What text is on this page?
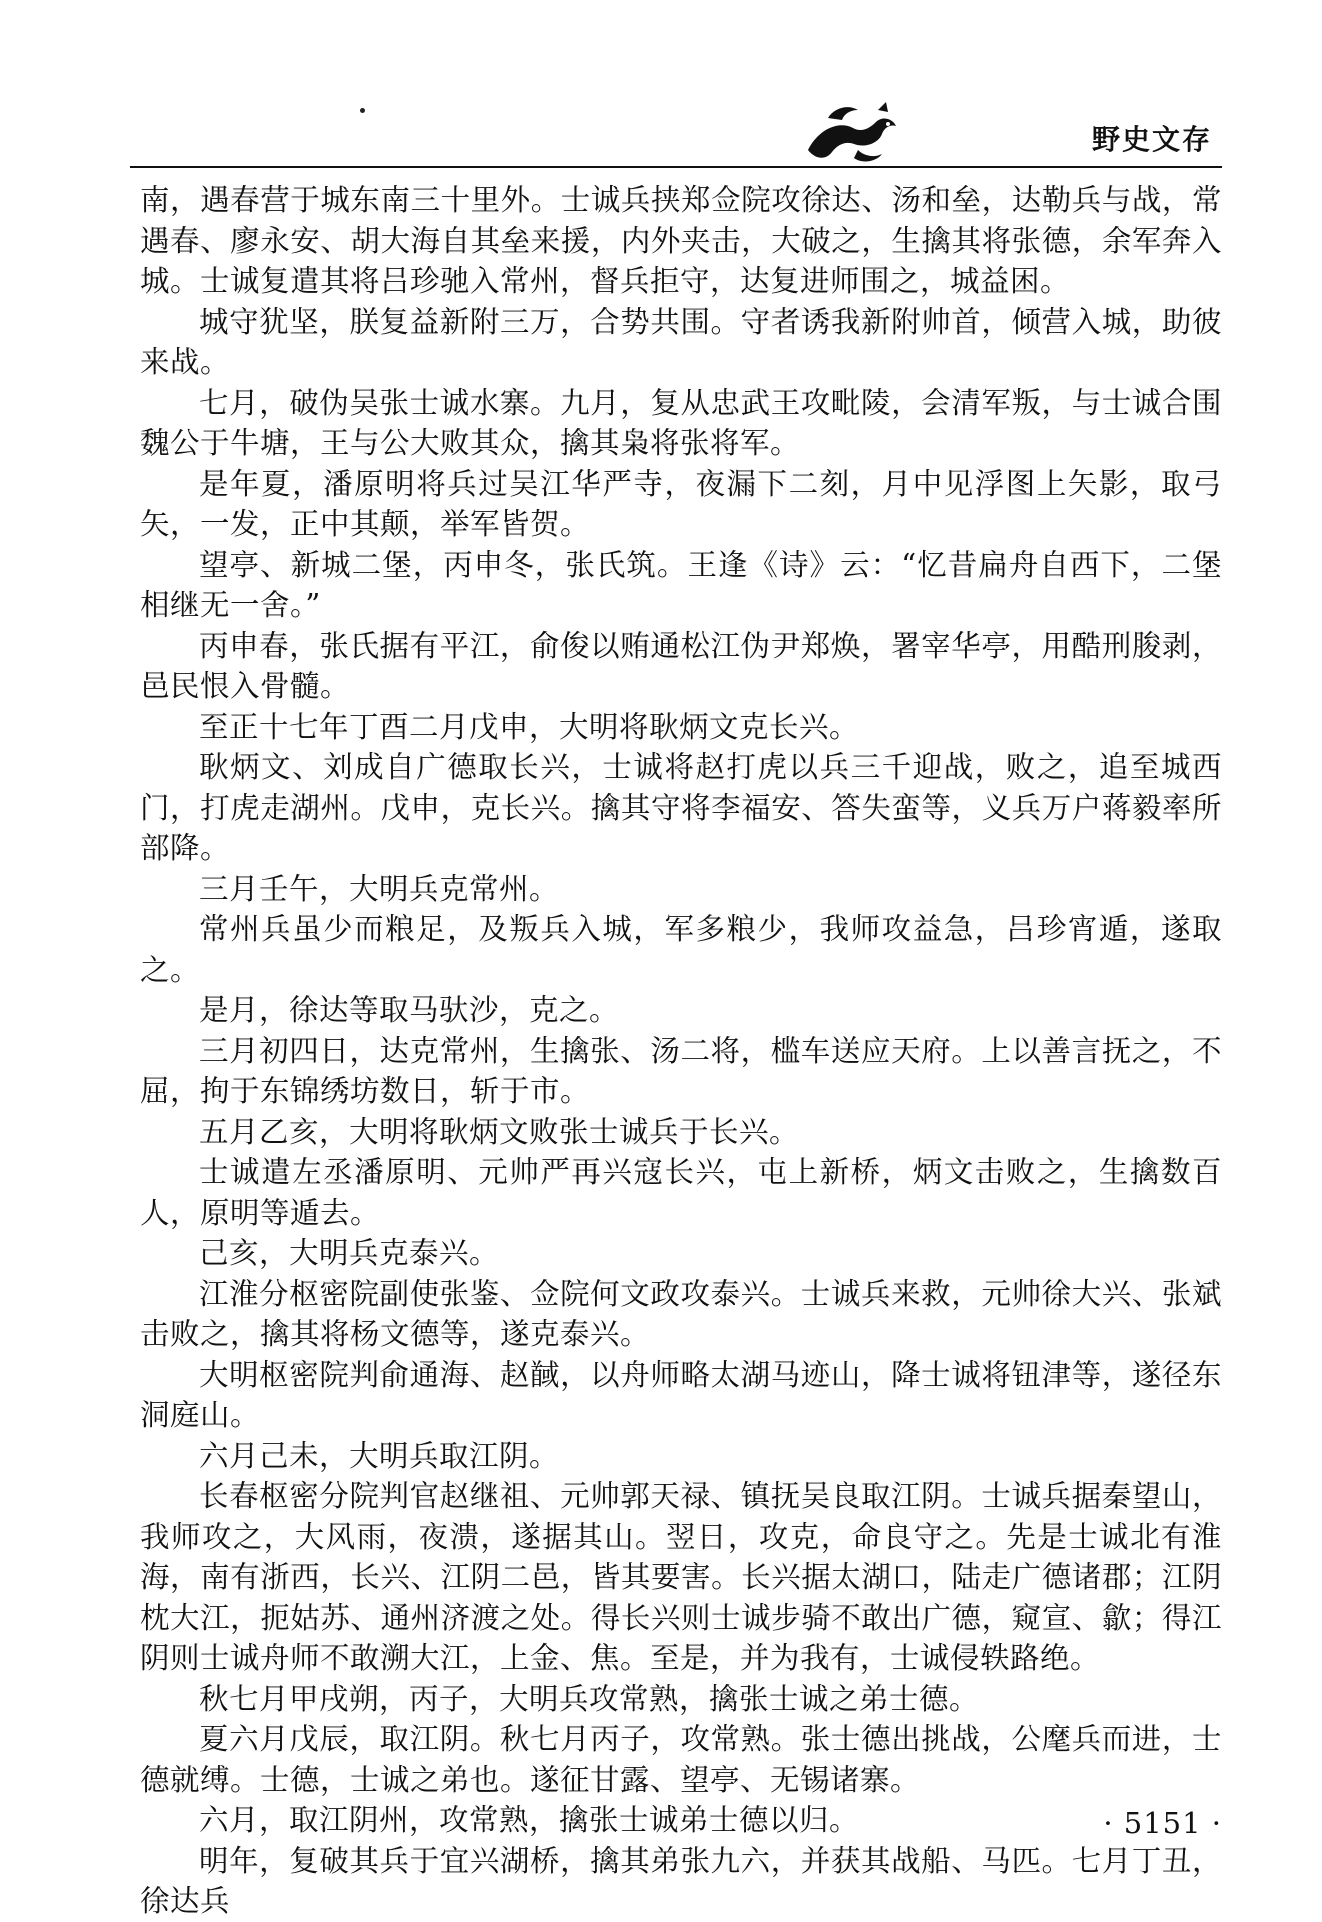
野史文存

南，遇春营于城东南三十里外。士诚兵挟郑佥院攻徐达、汤和垒，达勒兵与战，常遇春、廖永安、胡大海自其垒来援，内外夹击，大破之，生擒其将张德，余军奔入城。士诚复遣其将吕珍驰入常州，督兵拒守，达复进师围之，城益困。

城守犹坚，朕复益新附三万，合势共围。守者诱我新附帅首，倾营入城，助彼来战。

七月，破伪吴张士诚水寨。九月，复从忠武王攻毗陵，会清军叛，与士诚合围魏公于牛塘，王与公大败其众，擒其枭将张将军。

是年夏，潘原明将兵过吴江华严寺，夜漏下二刻，月中见浮图上矢影，取弓矢，一发，正中其颠，举军皆贺。

望亭、新城二堡，丙申冬，张氏筑。王逢《诗》云：“忆昔扁舟自西下，二堡相继无一舍。”

丙申春，张氏据有平江，俞俊以贿通松江伪尹郑焕，署宰华亭，用酷刑朘剥，邑民恨入骨髓。

至正十七年丁酉二月戊申，大明将耿炳文克长兴。

耿炳文、刘成自广德取长兴，士诚将赵打虎以兵三千迎战，败之，追至城西门，打虎走湖州。戊申，克长兴。擒其守将李福安、答失蛮等，义兵万户蒋毅率所部降。

三月壬午，大明兵克常州。

常州兵虽少而粮足，及叛兵入城，军多粮少，我师攻益急，吕珍宵遁，遂取之。

是月，徐达等取马驮沙，克之。

三月初四日，达克常州，生擒张、汤二将，槛车送应天府。上以善言抚之，不屈，拘于东锦绣坊数日，斩于市。

五月乙亥，大明将耿炳文败张士诚兵于长兴。

士诚遣左丞潘原明、元帅严再兴寇长兴，屯上新桥，炳文击败之，生擒数百人，原明等遁去。

己亥，大明兵克泰兴。

江淮分枢密院副使张鉴、佥院何文政攻泰兴。士诚兵来救，元帅徐大兴、张斌击败之，擒其将杨文德等，遂克泰兴。

大明枢密院判俞通海、赵馘，以舟师略太湖马迹山，降士诚将钮津等，遂径东洞庭山。

六月己未，大明兵取江阴。

长春枢密分院判官赵继祖、元帅郭天禄、镇抚吴良取江阴。士诚兵据秦望山，我师攻之，大风雨，夜溃，遂据其山。翌日，攻克，命良守之。先是士诚北有淮海，南有浙西，长兴、江阴二邑，皆其要害。长兴据太湖口，陆走广德诸郡；江阴枕大江，扼姑苏、通州济渡之处。得长兴则士诚步骑不敢出广德，窥宣、歙；得江阴则士诚舟师不敢溯大江，上金、焦。至是，并为我有，士诚侵轶路绝。

秋七月甲戌朔，丙子，大明兵攻常熟，擒张士诚之弟士德。

夏六月戊辰，取江阴。秋七月丙子，攻常熟。张士德出挑战，公麾兵而进，士德就缚。士德，士诚之弟也。遂征甘露、望亭、无锡诸寨。

六月，取江阴州，攻常熟，擒张士诚弟士德以归。

明年，复破其兵于宜兴湖桥，擒其弟张九六，并获其战船、马匹。七月丁丑，徐达兵

· 5151 ·
